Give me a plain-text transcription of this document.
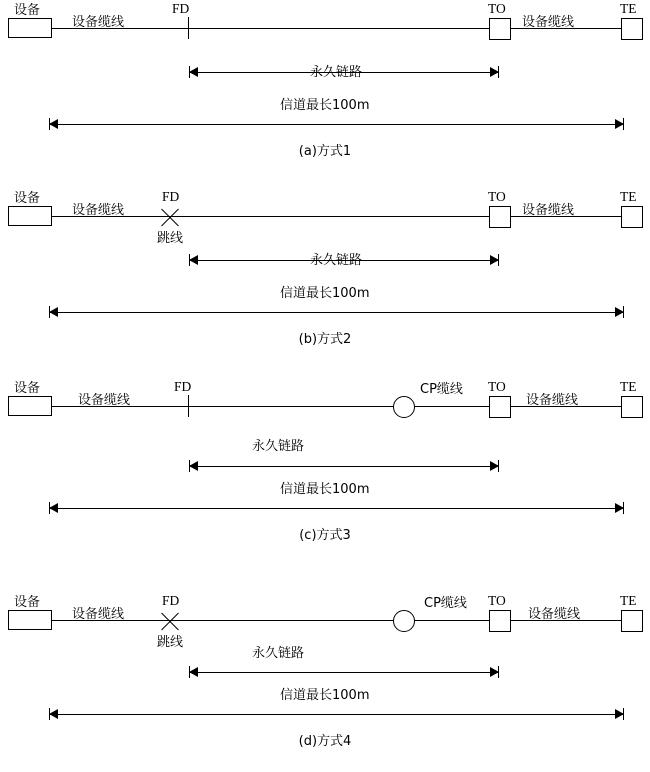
设备
设备缆线
FD	TO
设备缆线
TE
永久链路
信道最长100m
(a)方式1
设备
设备缆线
FD
跳线
TO
设备缆线
TE
永久链路
信道最长100m
(b)方式2
设备
设备缆线
FD	CP缆线 TO
设备缆线
TE
永久链路
信道最长100m
(c)方式3
设备
设备缆线
FD
跳线
CP缆线 TO
设备缆线
TE
永久链路
信道最长100m
(d)方式4
